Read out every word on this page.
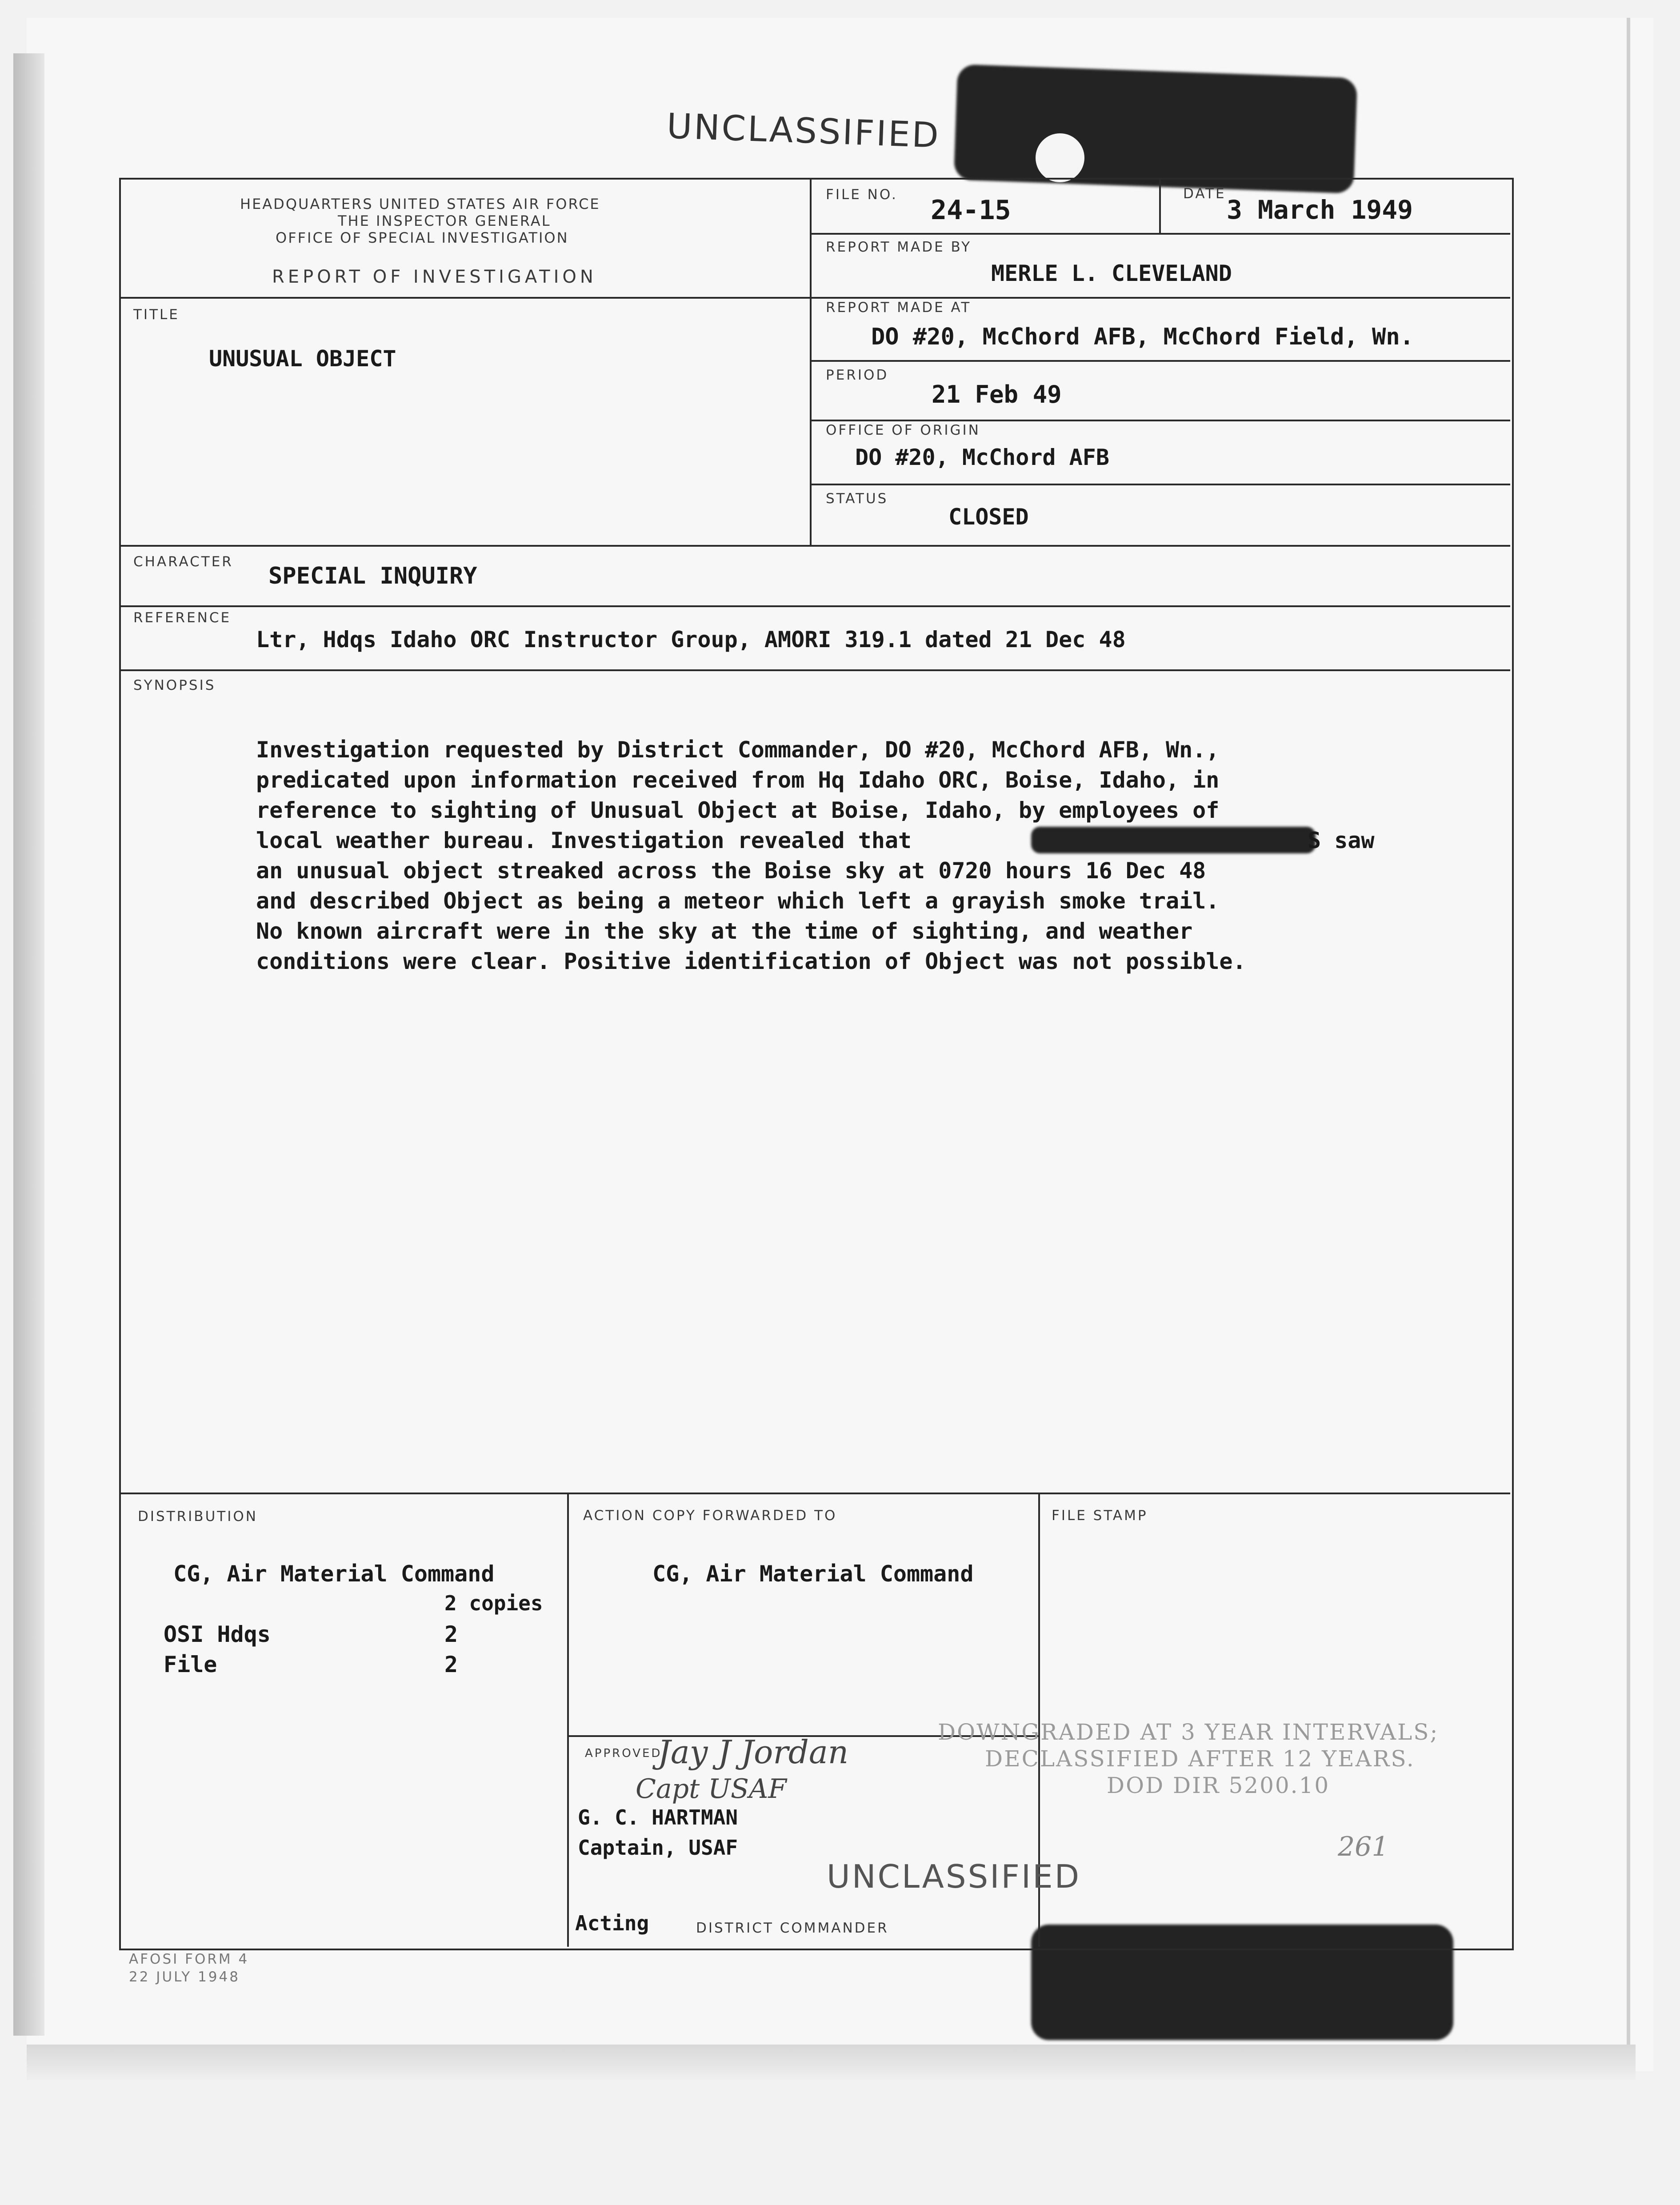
UNCLASSIFIED
HEADQUARTERS UNITED STATES AIR FORCE
THE INSPECTOR GENERAL
OFFICE OF SPECIAL INVESTIGATION
REPORT OF INVESTIGATION
FILE NO. 24-15
DATE
3 March 1949
REPORT MADE BY
MERLE L. CLEVELAND
TITLE
UNUSUAL OBJECT
REPORT MADE AT
DO #20, McChord AFB, McChord Field, Wn.
PERIOD
21 Feb 49
OFFICE OF ORIGIN
DO #20, McChord AFB
STATUS
CLOSED
CHARACTER
SPECIAL INQUIRY
REFERENCE
Ltr, Hdqs Idaho ORC Instructor Group, AMORI 319.1 dated 21 Dec 48
SYNOPSIS
Investigation requested by District Commander, DO #20, McChord AFB, Wn.,
predicated upon information received from Hq Idaho ORC, Boise, Idaho, in
reference to sighting of Unusual Object at Boise, Idaho, by employees of
local weather bureau. Investigation revealed that	S saw
an unusual object streaked across the Boise sky at 0720 hours 16 Dec 48
and described Object as being a meteor which left a grayish smoke trail.
No known aircraft were in the sky at the time of sighting, and weather
conditions were clear. Positive identification of Object was not possible.
DISTRIBUTION
CG, Air Material Command
2 copies
OSI Hdqs	2
File	2
ACTION COPY FORWARDED TO
CG, Air Material Command
FILE STAMP
DOWNGRADED AT 3 YEAR INTERVALS;
DECLASSIFIED AFTER 12 YEARS.
DOD DIR 5200.10
APPROVED
Jay J Jordan
Capt USAF
G. C. HARTMAN
Captain, USAF
UNCLASSIFIED
Acting	DISTRICT COMMANDER
261
AFOSI FORM 4
22 JULY 1948
